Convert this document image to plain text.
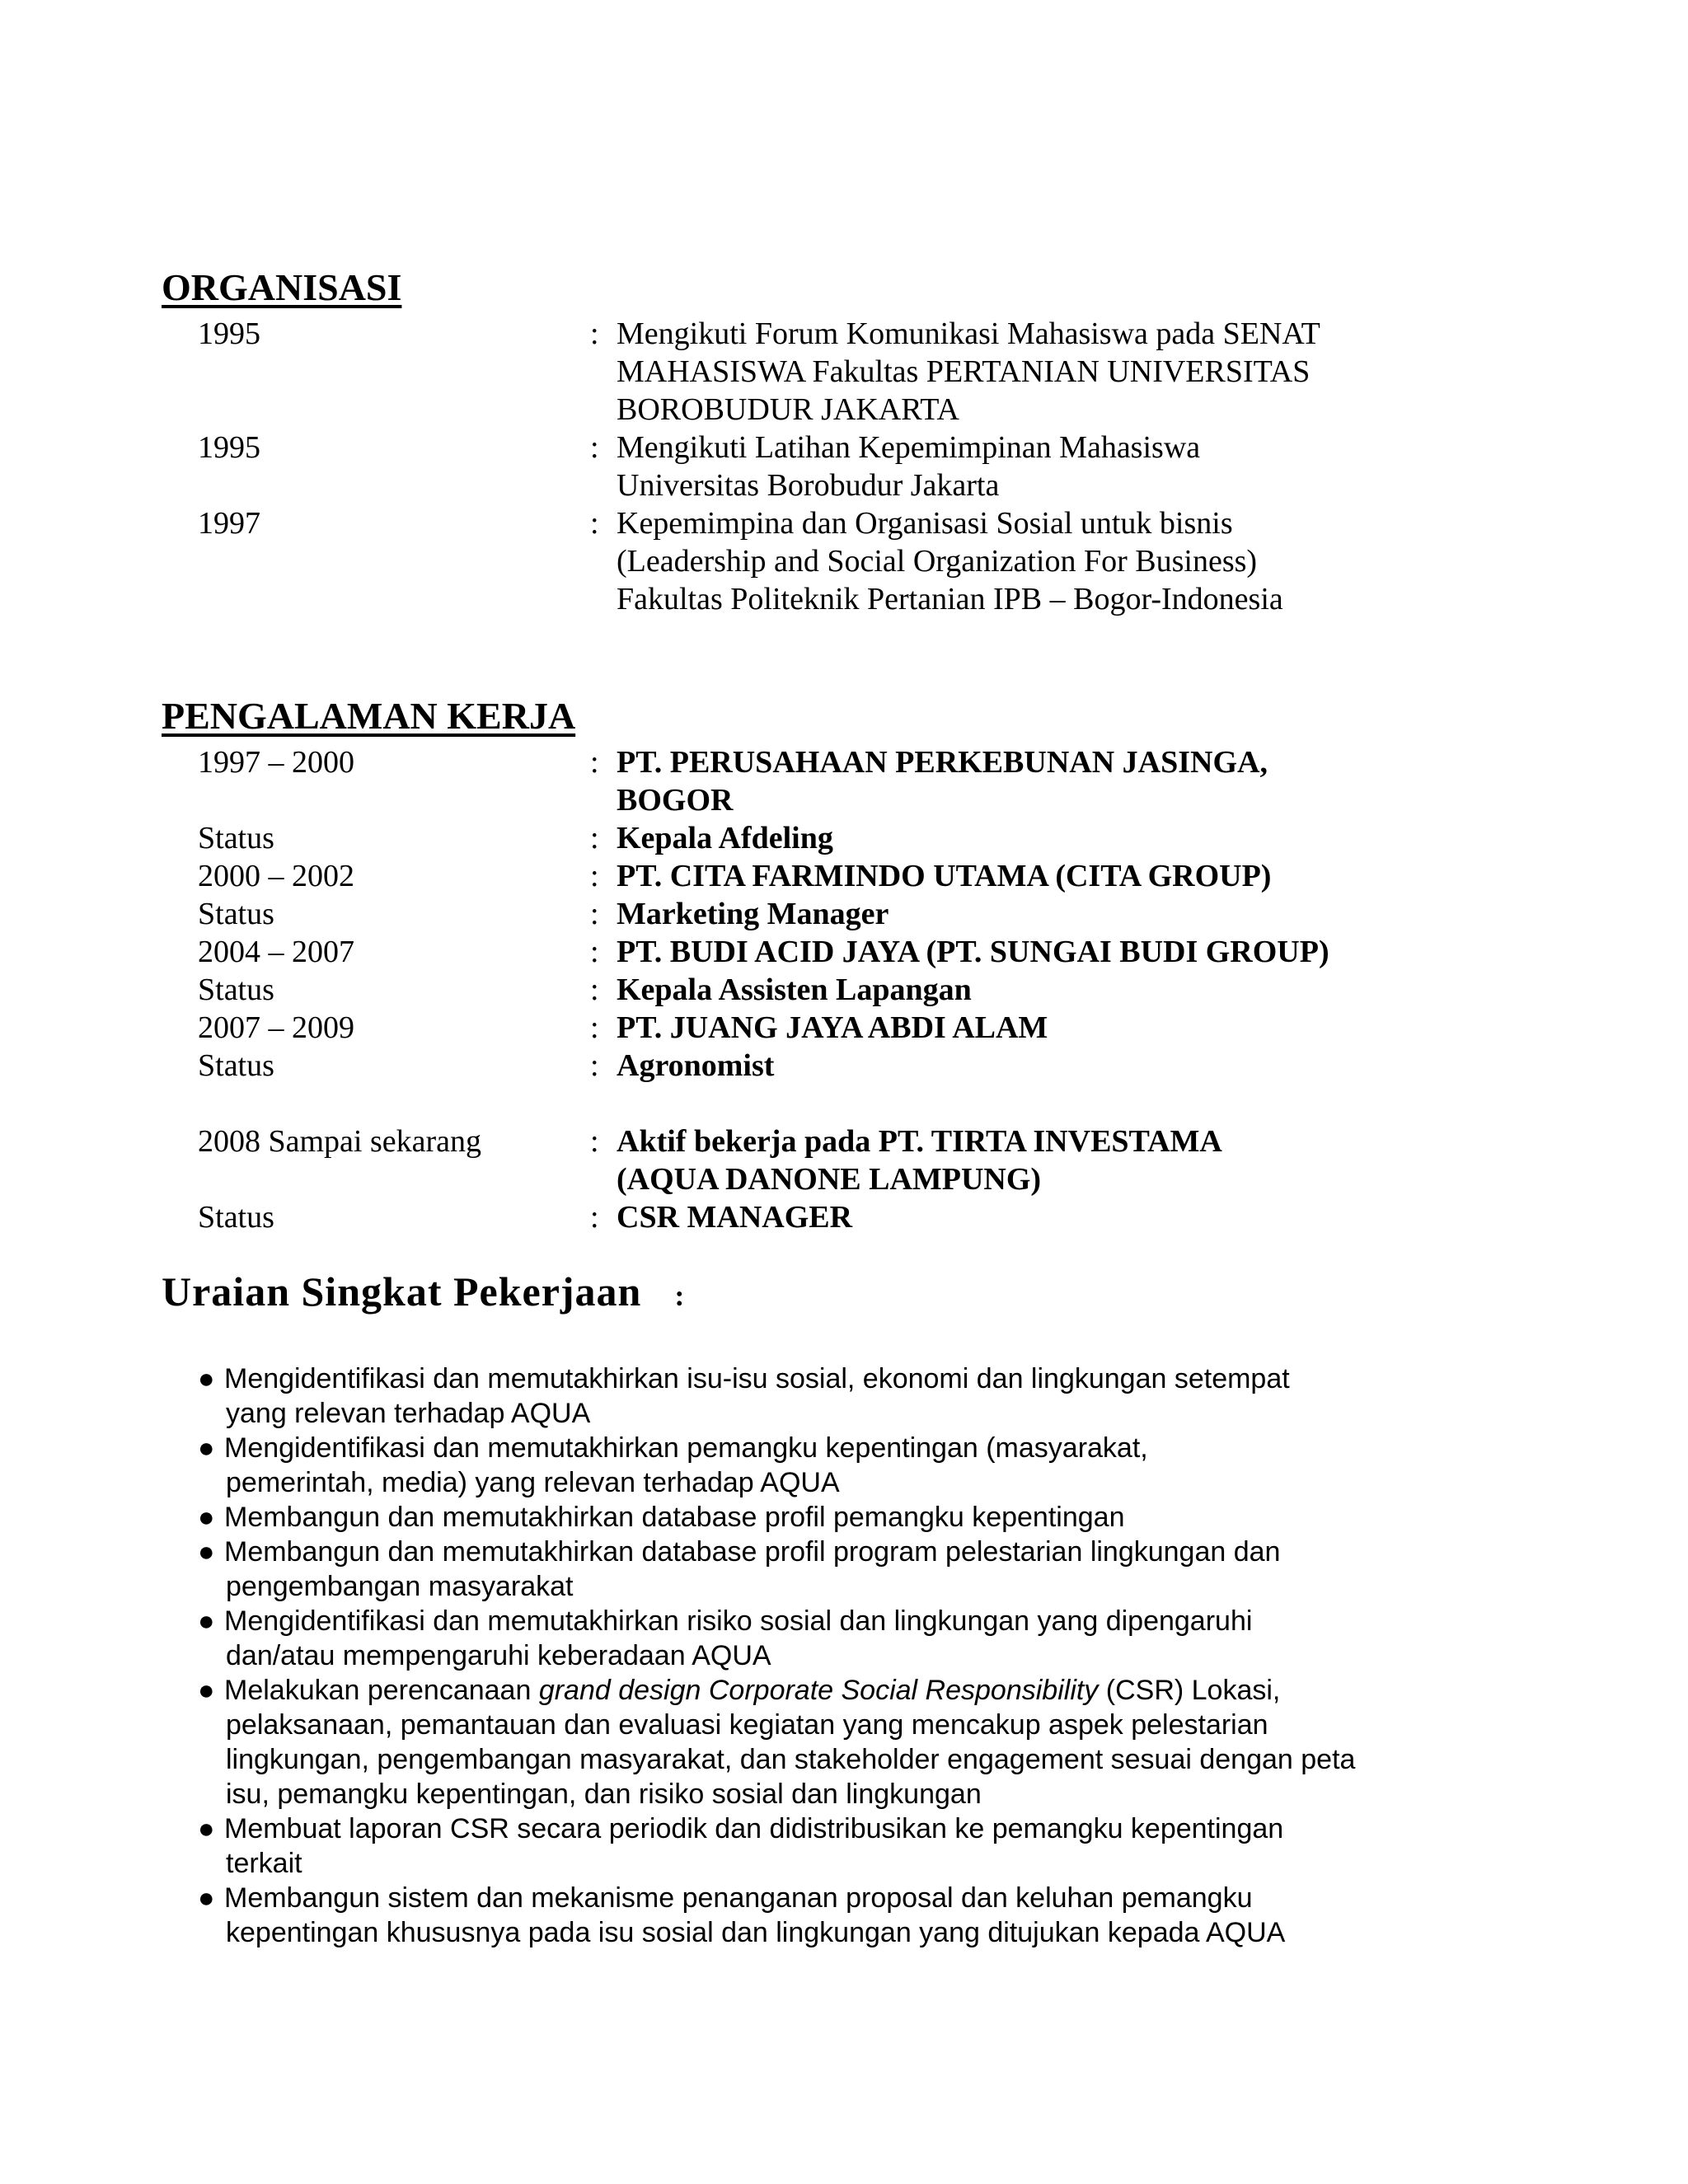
ORGANISASI
1995	: Mengikuti Forum Komunikasi Mahasiswa pada SENAT
MAHASISWA Fakultas PERTANIAN UNIVERSITAS
BOROBUDUR JAKARTA
1995	: Mengikuti Latihan Kepemimpinan Mahasiswa
Universitas Borobudur Jakarta
1997	: Kepemimpina dan Organisasi Sosial untuk bisnis
(Leadership and Social Organization For Business)
Fakultas Politeknik Pertanian IPB – Bogor-Indonesia
PENGALAMAN KERJA
1997 – 2000	: PT. PERUSAHAAN PERKEBUNAN JASINGA,
BOGOR
Status	: Kepala Afdeling
2000 – 2002	: PT. CITA FARMINDO UTAMA (CITA GROUP)
Status	: Marketing Manager
2004 – 2007	: PT. BUDI ACID JAYA (PT. SUNGAI BUDI GROUP)
Status	: Kepala Assisten Lapangan
2007 – 2009	: PT. JUANG JAYA ABDI ALAM
Status	: Agronomist
2008 Sampai sekarang	: Aktif bekerja pada PT. TIRTA INVESTAMA
(AQUA DANONE LAMPUNG)
Status	: CSR MANAGER
Uraian Singkat Pekerjaan :
● Mengidentifikasi dan memutakhirkan isu-isu sosial, ekonomi dan lingkungan setempat
yang relevan terhadap AQUA
● Mengidentifikasi dan memutakhirkan pemangku kepentingan (masyarakat,
pemerintah, media) yang relevan terhadap AQUA
● Membangun dan memutakhirkan database profil pemangku kepentingan
● Membangun dan memutakhirkan database profil program pelestarian lingkungan dan
pengembangan masyarakat
● Mengidentifikasi dan memutakhirkan risiko sosial dan lingkungan yang dipengaruhi
dan/atau mempengaruhi keberadaan AQUA
● Melakukan perencanaan grand design Corporate Social Responsibility (CSR) Lokasi,
pelaksanaan, pemantauan dan evaluasi kegiatan yang mencakup aspek pelestarian
lingkungan, pengembangan masyarakat, dan stakeholder engagement sesuai dengan peta
isu, pemangku kepentingan, dan risiko sosial dan lingkungan
● Membuat laporan CSR secara periodik dan didistribusikan ke pemangku kepentingan
terkait
● Membangun sistem dan mekanisme penanganan proposal dan keluhan pemangku
kepentingan khususnya pada isu sosial dan lingkungan yang ditujukan kepada AQUA
